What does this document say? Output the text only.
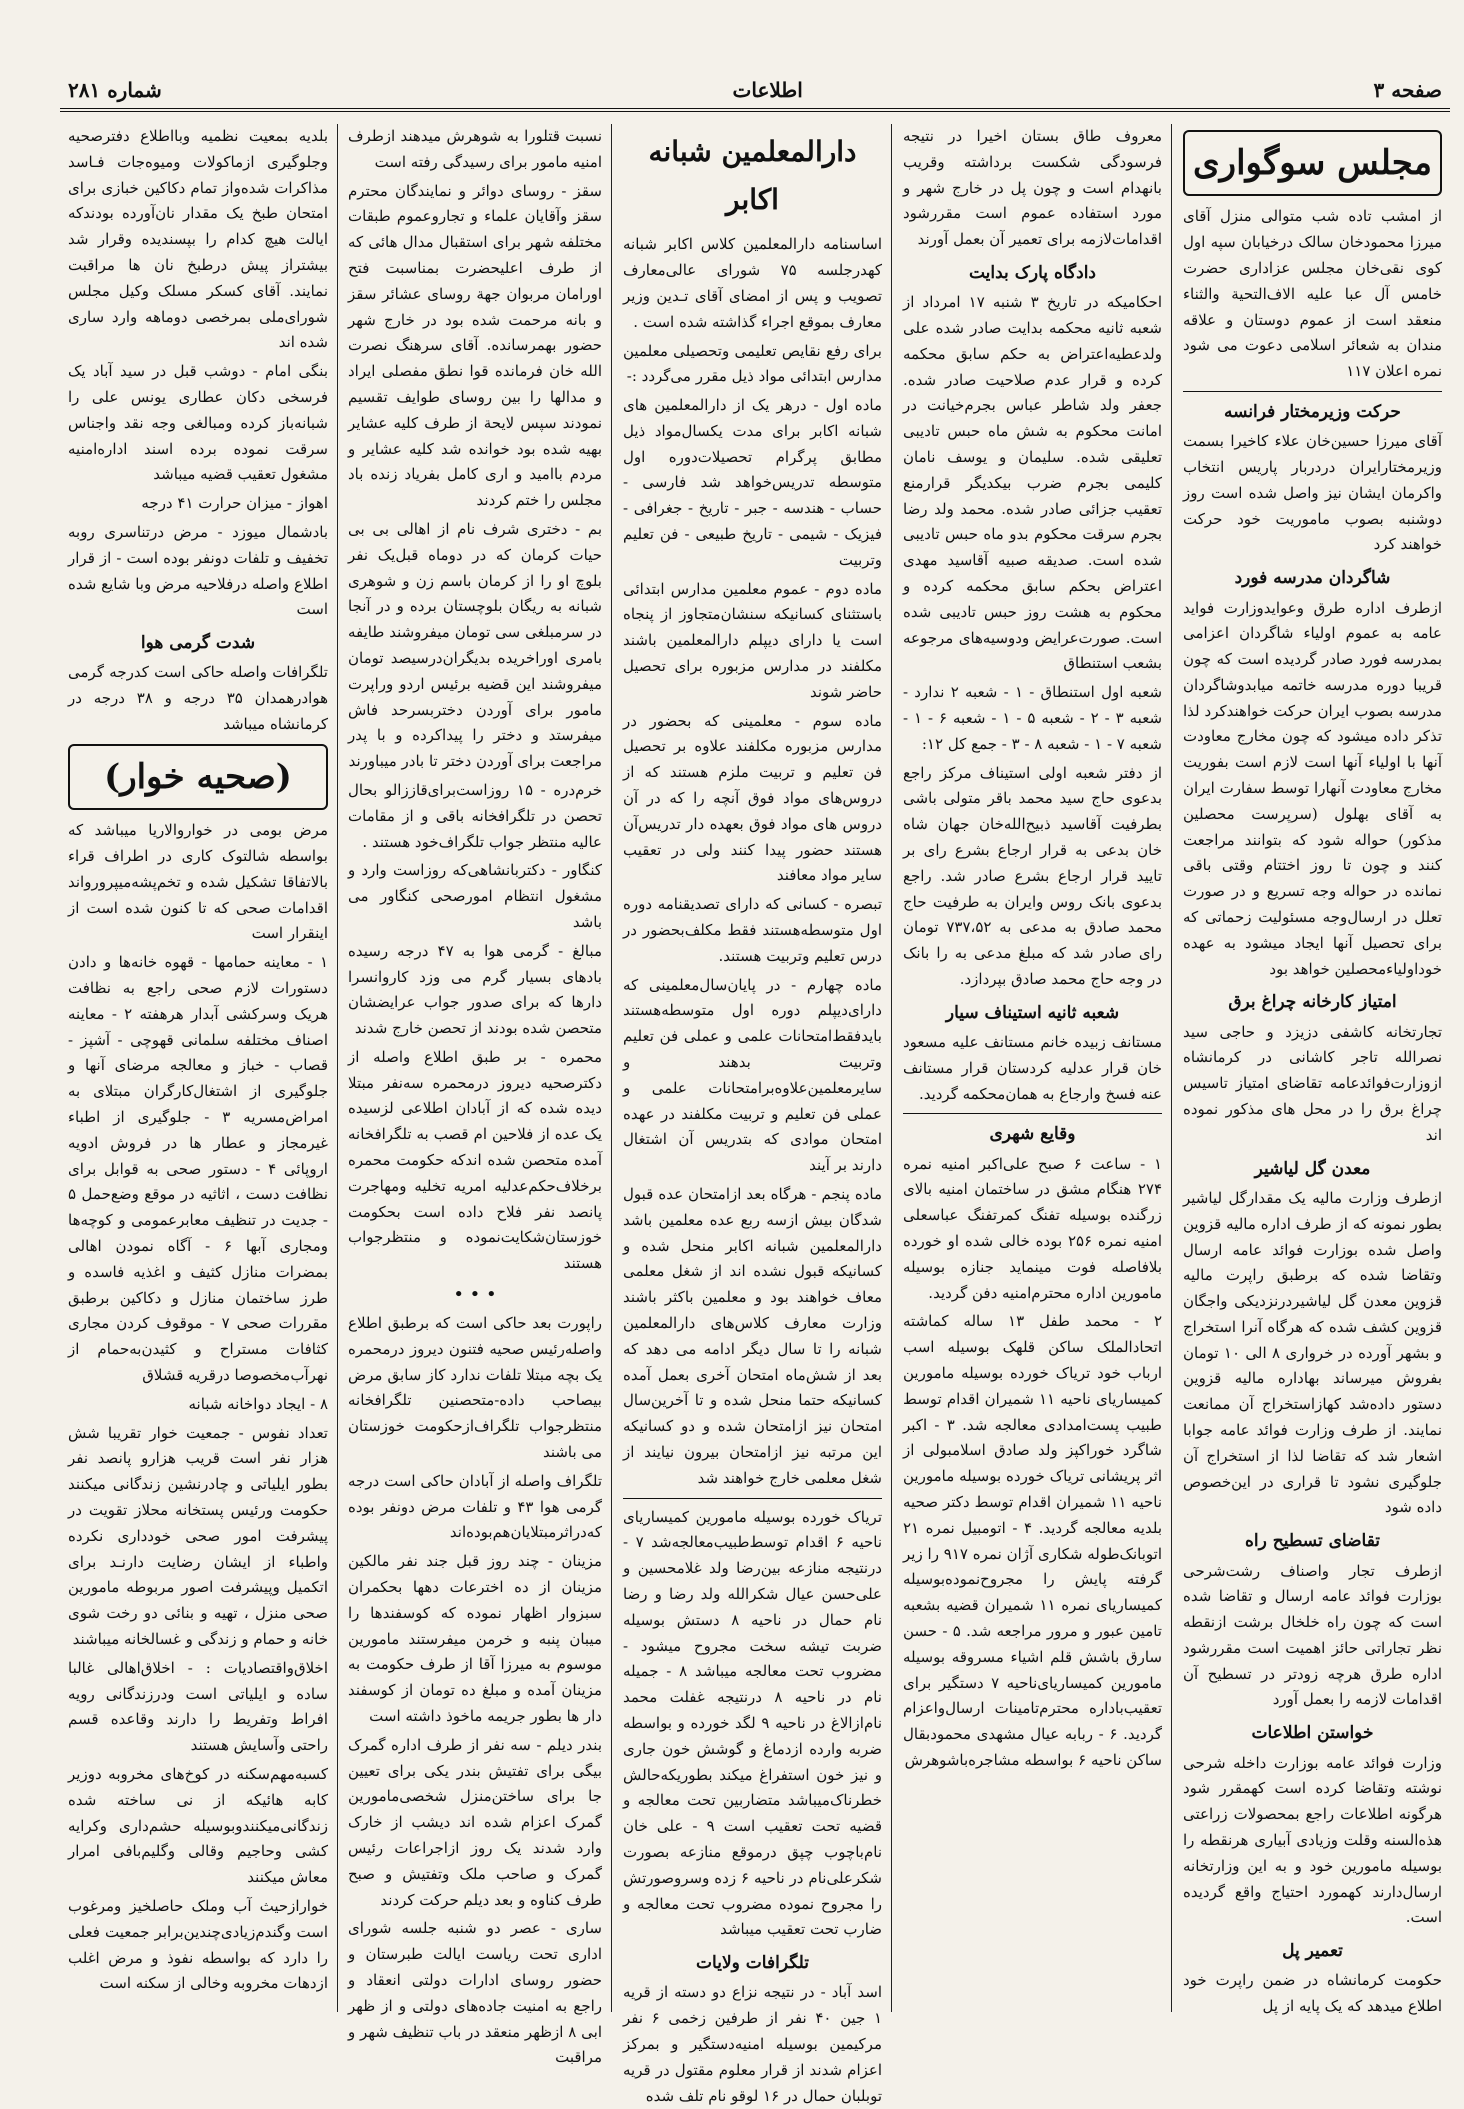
صفحه ۳
اطلاعات
شماره ۲۸۱
مجلس سوگواری

از امشب تاده شب متوالی منزل آقای میرزا محمودخان سالک درخیابان سپه اول کوی نقی‌خان مجلس عزاداری حضرت خامس آل عبا علیه الاف‌التحیة والثناء منعقد است از عموم دوستان و علاقه مندان به شعائر اسلامی دعوت می شود نمره اعلان ۱۱۷

حرکت وزیرمختار فرانسه

آقای میرزا حسین‌خان علاء کاخیرا بسمت وزیرمختارایران دردربار پاریس انتخاب واکرمان ایشان نیز واصل شده است روز دوشنبه بصوب ماموریت خود حرکت خواهند کرد

شاگردان مدرسه فورد

ازطرف اداره طرق وعوایدوزارت فواید عامه به عموم اولیاء شاگردان اعزامی بمدرسه فورد صادر گردیده است که چون قریبا دوره مدرسه خاتمه میابدوشاگردان مدرسه بصوب ایران حرکت خواهندکرد لذا تذکر داده میشود که چون مخارج معاودت آنها با اولیاء آنها است لازم است بفوریت مخارج معاودت آنهارا توسط سفارت ایران به آقای بهلول (سرپرست محصلین مذکور) حواله شود که بتوانند مراجعت کنند و چون تا روز اختتام وقتی باقی نمانده در حواله وجه تسریع و در صورت تعلل در ارسال‌وجه مسئولیت زحماتی که برای تحصیل آنها ایجاد میشود به عهده خوداولیاءمحصلین خواهد بود

امتیاز کارخانه چراغ برق

تجارتخانه کاشفی دزیزد و حاجی سید نصرالله تاجر کاشانی در کرمانشاه ازوزارت‌فوائدعامه تقاضای امتیاز تاسیس چراغ برق را در محل های مذکور نموده اند

معدن گل لیاشیر

ازطرف وزارت مالیه یک مقدارگل لیاشیر بطور نمونه که از طرف اداره مالیه قزوین واصل شده بوزارت فوائد عامه ارسال وتقاضا شده که برطبق راپرت مالیه قزوین معدن گل لیاشیردرنزدیکی واجگان قزوین کشف شده که هرگاه آنرا استخراج و بشهر آورده در خرواری ۸ الی ۱۰ تومان بفروش میرساند بهاداره مالیه قزوین دستور داده‌شد کهازاستخراج آن ممانعت نمایند. از طرف وزارت فوائد عامه جوابا اشعار شد که تقاضا لذا از استخراج آن جلوگیری نشود تا قراری در این‌خصوص داده شود

تقاضای تسطیح راه

ازطرف تجار واصناف رشت‌شرحی بوزارت فوائد عامه ارسال و تقاضا شده است که چون راه خلخال برشت ازنقطه‌ نظر تجاراتی حائز اهمیت است مقررشود اداره طرق هرچه زودتر در تسطیح آن اقدامات لازمه را بعمل آورد

خواستن اطلاعات

وزارت فوائد عامه بوزارت داخله شرحی نوشته وتقاضا کرده است کهمقرر شود هرگونه اطلاعات راجع بمحصولات زراعتی هذه‌السنه وقلت وزیادی آبیاری هرنقطه را بوسیله مامورین خود و به این وزارتخانه ارسال‌دارند کهمورد احتیاج واقع گردیده است.

تعمیر پل

حکومت کرمانشاه در ضمن راپرت خود اطلاع میدهد که یک پایه از پل

معروف طاق بستان اخیرا در نتیجه فرسودگی شکست برداشته وقریب بانهدام است و چون پل در خارج شهر و مورد استفاده عموم است مقررشود اقدامات‌لازمه برای تعمیر آن بعمل آورند

دادگاه پارک بدایت

احکامیکه در تاریخ ۳ شنبه ۱۷ امرداد از شعبه ثانیه محکمه بدایت صادر شده علی ولدعطیه‌اعتراض به حکم سابق محکمه کرده و قرار عدم صلاحیت صادر شده. جعفر ولد شاطر عباس بجرم‌خیانت در امانت محکوم به شش ماه حبس تادیبی تعلیقی شده. سلیمان و یوسف نامان کلیمی بجرم ضرب بیکدیگر قرارمنع تعقیب جزائی صادر شده. محمد ولد رضا بجرم سرقت محکوم بدو ماه حبس تادیبی شده است. صدیقه صبیه آقاسید مهدی اعتراض بحکم سابق محکمه کرده و محکوم به هشت روز حبس تادیبی شده است. صورت‌عرایض ودوسیه‌های مرجوعه بشعب استنطاق

شعبه اول استنطاق - ۱ - شعبه ۲ ندارد - شعبه ۳ - ۲ - شعبه ۵ - ۱ - شعبه ۶ - ۱ - شعبه ۷ - ۱ - شعبه ۸ - ۳ - جمع کل ۱۲:

از دفتر شعبه اولی استیناف مرکز راجع بدعوی حاج سید محمد باقر متولی باشی بطرفیت آقاسید ذبیح‌الله‌خان جهان شاه خان بدعی به قرار ارجاع بشرع رای بر تایید قرار ارجاع بشرع صادر شد. راجع بدعوی بانک روس وایران به طرفیت حاج محمد صادق به مدعی به ۷۳۷،۵۲ تومان رای صادر شد که مبلغ مدعی به را بانک در وجه حاج محمد صادق بپردازد.

شعبه ثانیه استیناف سیار

مستانف زبیده خانم مستانف علیه مسعود خان قرار عدلیه کردستان قرار مستانف عنه فسخ وارجاع به همان‌محکمه گردید.

وقایع شهری

۱ - ساعت ۶ صبح علی‌اکبر امنیه نمره ۲۷۴ هنگام مشق در ساختمان امنیه بالای زرگنده بوسیله تفنگ کمرتفنگ عباسعلی امنیه نمره ۲۵۶ بوده خالی شده او خورده بلافاصله فوت مینماید جنازه بوسیله مامورین اداره محترم‌امنیه دفن گردید.

۲ - محمد طفل ۱۳ ساله کماشته اتحادالملک ساکن قلهک بوسیله اسب ارباب خود تریاک خورده بوسیله مامورین کمیساریای ناحیه ۱۱ شمیران اقدام توسط طبیب پست‌امدادی معالجه شد. ۳ - اکبر شاگرد خوراکپز ولد صادق اسلامبولی از اثر پریشانی تریاک خورده بوسیله مامورین ناحیه ۱۱ شمیران اقدام توسط دکتر صحیه بلدیه معالجه گردید. ۴ - اتومبیل نمره ۲۱ اتوبانک‌طوله شکاری آژان نمره ۹۱۷ را زیر گرفته پایش را مجروح‌نموده‌بوسیله کمیساریای نمره ۱۱ شمیران قضیه بشعبه تامین عبور و مرور مراجعه شد. ۵ - حسن سارق باشش قلم اشیاء مسروقه بوسیله مامورین کمیساریای‌ناحیه ۷ دستگیر برای تعقیب‌باداره محترم‌تامینات ارسال‌واعزام گردید. ۶ - ربابه عیال مشهدی محمودبقال ساکن ناحیه ۶ بواسطه مشاجره‌باشوهرش

دارالمعلمین شبانه اکابر

اساسنامه دارالمعلمین کلاس اکابر شبانه کهدرجلسه ۷۵ شورای عالی‌معارف تصویب و پس از امضای آقای تـدین وزیر معارف بموقع اجراء گذاشته شده است .

برای رفع نقایص تعلیمی وتحصیلی معلمین مدارس ابتدائی مواد ذیل مقرر می‌گردد :-

ماده اول - درهر یک از دارالمعلمین های شبانه اکابر برای مدت یکسال‌مواد ذیل مطابق پرگرام تحصیلات‌دوره اول متوسطه تدریس‌خواهد شد فارسی - حساب - هندسه - جبر - تاریخ - جغرافی - فیزیک - شیمی - تاریخ طبیعی - فن تعلیم وتربیت

ماده دوم - عموم معلمین مدارس ابتدائی باستثنای کسانیکه سنشان‌متجاوز از پنجاه است یا دارای دیپلم دارالمعلمین باشند مکلفند در مدارس مزبوره برای تحصیل حاضر شوند

ماده سوم - معلمینی که بحضور در مدارس مزبوره مکلفند علاوه بر تحصیل فن تعلیم و تربیت ملزم‌ هستند که از دروس‌های مواد فوق آنچه را که در آن دروس‌ های مواد فوق بعهده دار تدریس‌آن هستند حضور پیدا کنند ولی در تعقیب سایر مواد معافند

تبصره - کسانی که دارای تصدیقنامه دوره اول متوسطه‌هستند فقط مکلف‌بحضور در درس تعلیم وتربیت هستند.

ماده چهارم - در پایان‌سال‌معلمینی که دارای‌دیپلم دوره اول متوسطه‌هستند بایدفقط‌امتحانات علمی و عملی فن تعلیم وتربیت بدهند و سایرمعلمین‌علاوه‌برامتحانات علمی و عملی فن تعلیم و تربیت مکلفند در عهده امتحان موادی که بتدریس آن اشتغال دارند بر آیند

ماده پنجم - هرگاه بعد ازامتحان عده قبول شدگان بیش ازسه ربع عده معلمین باشد دارالمعلمین شبانه اکابر منحل شده و کسانیکه قبول نشده اند از شغل معلمی معاف خواهند بود و معلمین باکثر باشند وزارت معارف کلاس‌های دارالمعلمین شبانه را تا سال دیگر ادامه می دهد که بعد از شش‌ماه امتحان آخری بعمل آمده کسانیکه حتما منحل شده و تا آخرین‌سال امتحان نیز ازامتحان شده و دو کسانیکه این مرتبه نیز ازامتحان بیرون نیایند از شغل معلمی خارج خواهند شد

تریاک خورده بوسیله مامورین کمیساریای ناحیه ۶ اقدام توسط‌طبیب‌معالجه‌شد ۷ - درنتیجه منازعه بین‌رضا ولد غلامحسین و علی‌حسن عیال شکرالله ولد رضا و رضا نام حمال در ناحیه ۸ دستش بوسیله ضربت تیشه سخت مجروح میشود - مضروب تحت معالجه میباشد ۸ - جمیله نام در ناحیه ۸ درنتیجه غفلت محمد نام‌ازالاغ در ناحیه ۹ لگد خورده و بواسطه ضربه وارده ازدماغ و گوشش خون جاری و نیز خون استفراغ میکند بطوریکه‌حالش خطرناک‌میباشد متضاربین تحت معالجه و قضیه تحت تعقیب است ۹ - علی خان نام‌باچوب چپق درموقع منازعه بصورت شکرعلی‌نام در ناحیه ۶ زده وسروصورتش را مجروح نموده مضروب تحت معالجه و ضارب تحت تعقیب میباشد

تلگرافات ولایات

اسد آباد - در نتیجه نزاع دو دسته از قریه ۱ جین ۴۰ نفر از طرفین زخمی ۶ نفر مرکیمین بوسیله امنیه‌دستگیر و بمرکز اعزام شدند از قرار معلوم مقتول در قریه توبلبان حمال در ۱۶ لو‌قو نام تلف شده

نسبت قتلورا به شوهرش میدهند ازطرف امنیه مامور برای رسیدگی رفته است

سقز - روسای دوائر و نمایندگان محترم سقز وآقایان علماء و تجاروعموم طبقات مختلفه شهر برای استقبال مدال هائی که از طرف اعلیحضرت بمناسبت فتح اورامان مربوان جهة روسای عشائر سقز و بانه مرحمت شده بود در خارج شهر حضور بهمرسانده. آقای سرهنگ نصرت الله خان فرمانده قوا نطق مفصلی ایراد و مدالها را بین روسای طوایف تقسیم نمودند سپس لایحة از طرف کلیه عشایر بهیه شده بود خوانده شد کلیه عشایر و مردم باامید و اری کامل بفریاد زنده باد مجلس را ختم کردند

بم - دختری شرف نام از اهالی بی بی حیات کرمان که در دوماه قبل‌یک نفر بلوچ او را از کرمان باسم زن و شوهری شبانه به ریگان بلوچستان برده و در آنجا در سرمبلغی سی تومان میفروشند طایفه بامری اورا‌خریده بدیگران‌درسیصد تومان میفروشند این قضیه برئیس اردو وراپرت مامور برای آوردن دختر‌بسرحد فاش میفرستد و دختر را پیداکرده و با پدر مراجعت برای آوردن دختر تا بادر میباورند

خرم‌دره - ۱۵ روزاست‌برای‌قاززالو بحال تحصن در تلگرافخانه باقی و از مقامات عالیه منتظر جواب تلگراف‌خود هستند .

کنگاور - دکتربانشاهی‌که روزاست وارد و مشغول انتظام امورصحی کنگاور می باشد

مبالغ - گرمی هوا به ۴۷ درجه رسیده بادهای بسیار گرم می وزد کاروانسرا دارها که برای صدور جواب عرایضشان متحصن شده بودند از تحصن خارج شدند

محمره - بر طبق اطلاع واصله از دکترصحیه دیروز درمحمره سه‌نفر مبتلا دیده شده که از آبادان اطلاعی لزسیده یک عده از فلاحین ام قصب به تلگرافخانه آمده متحصن شده اندکه حکومت محمره برخلاف‌حکم‌عدلیه امریه تخلیه ومهاجرت پانصد نفر فلاح داده است بحکومت خوزستان‌شکایت‌نموده و منتظرجواب هستند

• • •

راپورت بعد حاکی است که برطبق اطلاع واصله‌رئیس صحیه فتنون دیروز درمحمره یک بچه مبتلا تلفات ندارد کاز سابق مرض بیصاحب داده-متحصنین تلگرافخانه منتظرجواب تلگراف‌ازحکومت خوزستان می باشند

تلگراف واصله از آبادان حاکی است درجه گرمی هوا ۴۳ و تلفات مرض دونفر بوده که‌دراثرمبتلایان‌هم‌بوده‌اند

مزینان - چند روز قبل جند نفر مالکین مزینان از ده اخترعات‌ دهها بحکمران سبزوار اظهار نموده که کوسفند‌ها را میبان پنبه و خرمن میفرستند مامورین موسوم به میرزا آقا از طرف حکومت به مزینان آمده و مبلغ ده تومان از کوسفند دار ها بطور جریمه ماخوذ داشته است

بندر دیلم - سه نفر از طرف اداره گمرک بیگی برای تفتیش بندر یکی برای تعیین جا برای ساختن‌منزل شخصی‌مامورین گمرک اعزام شده اند دیشب از خارک وارد شدند یک روز ازاجراعات رئیس گمرک و صاحب ملک وتفتیش و صبح طرف کناوه و بعد دیلم حرکت کردند

ساری - عصر دو شنبه جلسه شورای اداری تحت ریاست ایالت طبرستان و حضور روسای ادارات دولتی انعقاد و راجع به امنیت جاده‌های دولتی و از ظهر ابی ۸ ازظهر منعقد در باب تنظیف شهر و مراقبت

بلدیه بمعیت نظمیه وبا‌اطلاع دفترصحیه وجلوگیری ازماکولات ومیوه‌جات فـاسد مذاکرات شده‌واز تمام دکاکین خبازی برای امتحان طبخ یک مقدار نان‌آورده بودندکه ایالت هیچ کدام را بپسندیده وقرار شد بیشتراز پیش درطبخ نان ها مراقبت نمایند. آقای کسکر مسلک وکیل مجلس شورای‌ملی بمرخصی دوماهه وارد ساری شده اند

بنگی امام - دوشب قبل در سید آباد یک فرسخی دکان عطاری یونس علی را شبانه‌باز کرده ومبالغی وجه نقد واجناس سرقت نموده ‌برده اسند اداره‌امنیه مشغول تعقیب قضیه میباشد

اهواز - میزان حرارت ۴۱ درجه

بادشمال میوزد - مرض درتناسری روبه تخفیف و تلفات دونفر بوده است - از قرار اطلاع واصله درفلاحیه مرض وبا شایع شده است

شدت گرمی هوا

تلگرافات واصله حاکی است کدرجه گرمی هوادرهمدان ۳۵ درجه و ۳۸ درجه در کرمانشاه میباشد

(صحیه خوار)

مرض بومی در خواروالاریا میباشد که بواسطه‌ شالتوک کاری در اطراف قراء بالاتفاقا تشکیل شده و تخم‌پشه‌میپرورواند اقدامات صحی که تا کنون شده است از اینقرار است

۱ - معاینه حمامها - قهوه خانه‌ها و دادن دستورات لازم صحی راجع به نظافت هریک وسرکشی آبدار هرهفته ۲ - معاینه اصناف مختلفه سلمانی قهوچی - آشپز - قصاب - خباز و معالجه مرضای آنها و جلوگیری از اشتغال‌کارگران مبتلای به امراض‌مسریه ۳ - جلوگیری از اطباء غیرمجاز و عطار ها در فروش ادویه اروپائی ۴ - دستور صحی به قوابل برای نظافت دست ، اثاثیه در موقع وضع‌حمل ۵ - جدیت در تنظیف معابرعمومی و کوچه‌ها ومجاری آبها ۶ - آگاه نمودن اهالی بمضرات منازل کثیف و اغذیه فاسده و طرز ساختمان منازل و دکاکین برطبق مقررات صحی ۷ - موقوف کردن مجاری کثافات مستراح و کثیدن‌به‌حمام از نهرآب‌مخصوصا درقریه قشلاق

۸ - ایجاد دواخانه شبانه

تعداد نفوس - جمعیت خوار تقریبا شش هزار نفر است قریب هزارو پانصد نفر بطور ایلیاتی و چادرنشین زندگانی میکنند حکومت ورئیس پستخانه‌ محلاز تقویت در پیشرفت امور صحی خودداری نکرده واطباء از ایشان رضایت دارنـد برای اتکمیل وپیشرفت اصور مربوطه مامورین صحی منزل ، تهیه و بنائی دو رخت شوی خانه و حمام و زندگی و غسالخانه میباشند

اخلاق‌واقتصادیات : - اخلاق‌اهالی غالبا ساده و ایلیاتی است ودرزندگانی رویه افراط وتفریط را دارند وقاعده قسم راحتی وآسایش هستند

کسبه‌مهم‌سکنه در کوخ‌های مخروبه دوزیر کابه هائیکه از نی ساخته شده زندگانی‌میکنند‌وبوسیله حشم‌داری وکرایه کشی وحاجیم وقالی وگلیم‌بافی امرار معاش میکنند

خوارازحیث آب وملک حاصلخیز ومرغوب است وگندم‌زیادی‌چندین‌برابر جمعیت فعلی را دارد که‌ بواسطه نفوذ و مرض اغلب ازدهات مخروبه وخالی از سکنه است
